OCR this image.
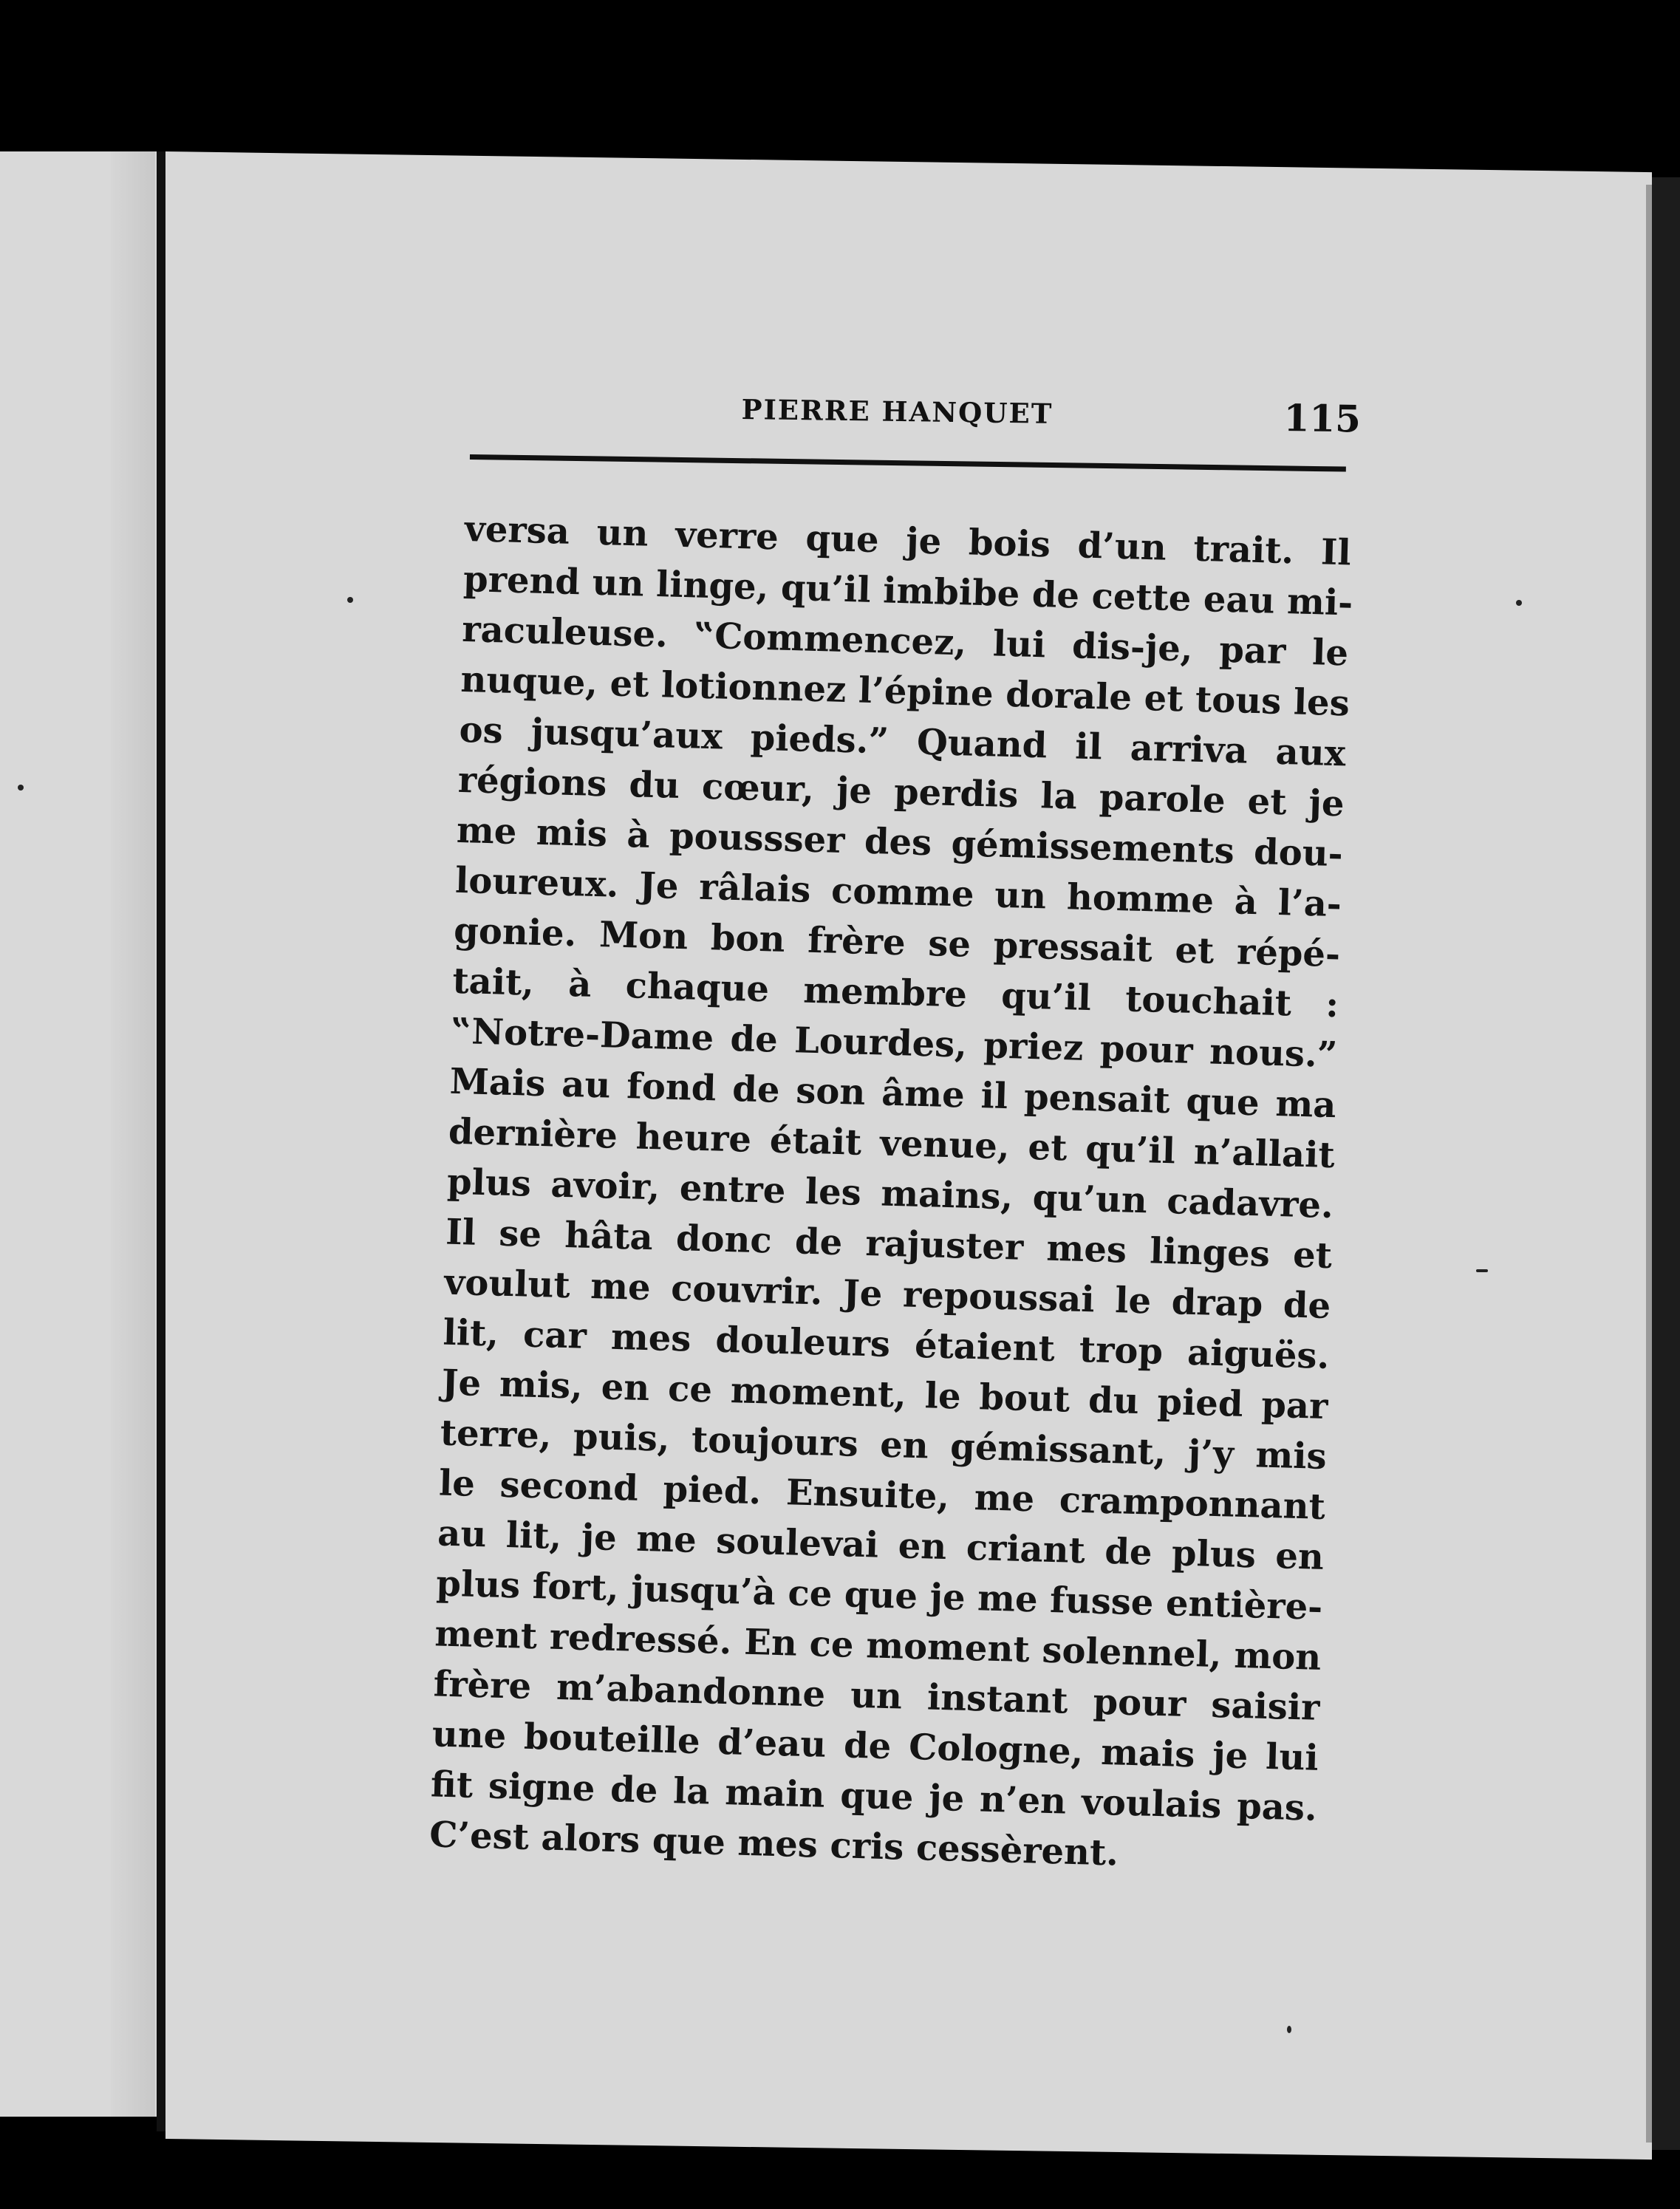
PIERRE HANQUET	115
versa un verre que je bois d’un trait. Il
prend un linge, qu’il imbibe de cette eau mi-
raculeuse. ‟Commencez, lui dis-je, par le
nuque, et lotionnez l’épine dorale et tous les
os jusqu’aux pieds.” Quand il arriva aux
régions du cœur, je perdis la parole et je
me mis à poussser des gémissements dou-
loureux. Je râlais comme un homme à l’a-
gonie. Mon bon frère se pressait et répé-
tait, à chaque membre qu’il touchait :
‟Notre-Dame de Lourdes, priez pour nous.”
Mais au fond de son âme il pensait que ma
dernière heure était venue, et qu’il n’allait
plus avoir, entre les mains, qu’un cadavre.
Il se hâta donc de rajuster mes linges et
voulut me couvrir. Je repoussai le drap de
lit, car mes douleurs étaient trop aiguës.
Je mis, en ce moment, le bout du pied par
terre, puis, toujours en gémissant, j’y mis
le second pied. Ensuite, me cramponnant
au lit, je me soulevai en criant de plus en
plus fort, jusqu’à ce que je me fusse entière-
ment redressé. En ce moment solennel, mon
frère m’abandonne un instant pour saisir
une bouteille d’eau de Cologne, mais je lui
fit signe de la main que je n’en voulais pas.
C’est alors que mes cris cessèrent.
